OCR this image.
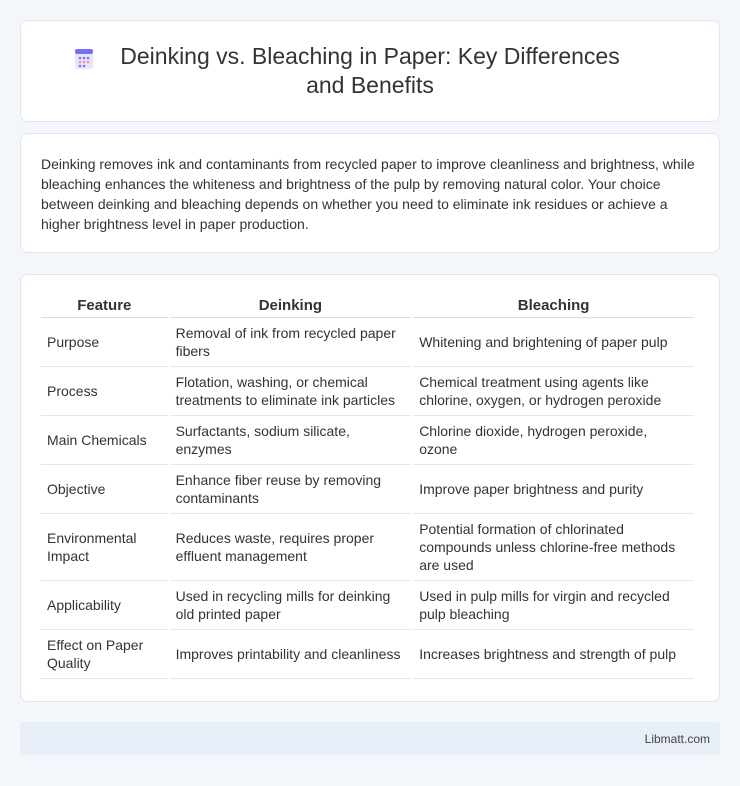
Deinking vs. Bleaching in Paper: Key Differences and Benefits

Deinking removes ink and contaminants from recycled paper to improve cleanliness and brightness, while bleaching enhances the whiteness and brightness of the pulp by removing natural color. Your choice between deinking and bleaching depends on whether you need to eliminate ink residues or achieve a higher brightness level in paper production.

Feature	Deinking	Bleaching
Purpose	Removal of ink from recycled paper fibers	Whitening and brightening of paper pulp
Process	Flotation, washing, or chemical treatments to eliminate ink particles	Chemical treatment using agents like chlorine, oxygen, or hydrogen peroxide
Main Chemicals	Surfactants, sodium silicate, enzymes	Chlorine dioxide, hydrogen peroxide, ozone
Objective	Enhance fiber reuse by removing contaminants	Improve paper brightness and purity
Environmental Impact	Reduces waste, requires proper effluent management	Potential formation of chlorinated compounds unless chlorine-free methods are used
Applicability	Used in recycling mills for deinking old printed paper	Used in pulp mills for virgin and recycled pulp bleaching
Effect on Paper Quality	Improves printability and cleanliness	Increases brightness and strength of pulp
Libmatt.com
